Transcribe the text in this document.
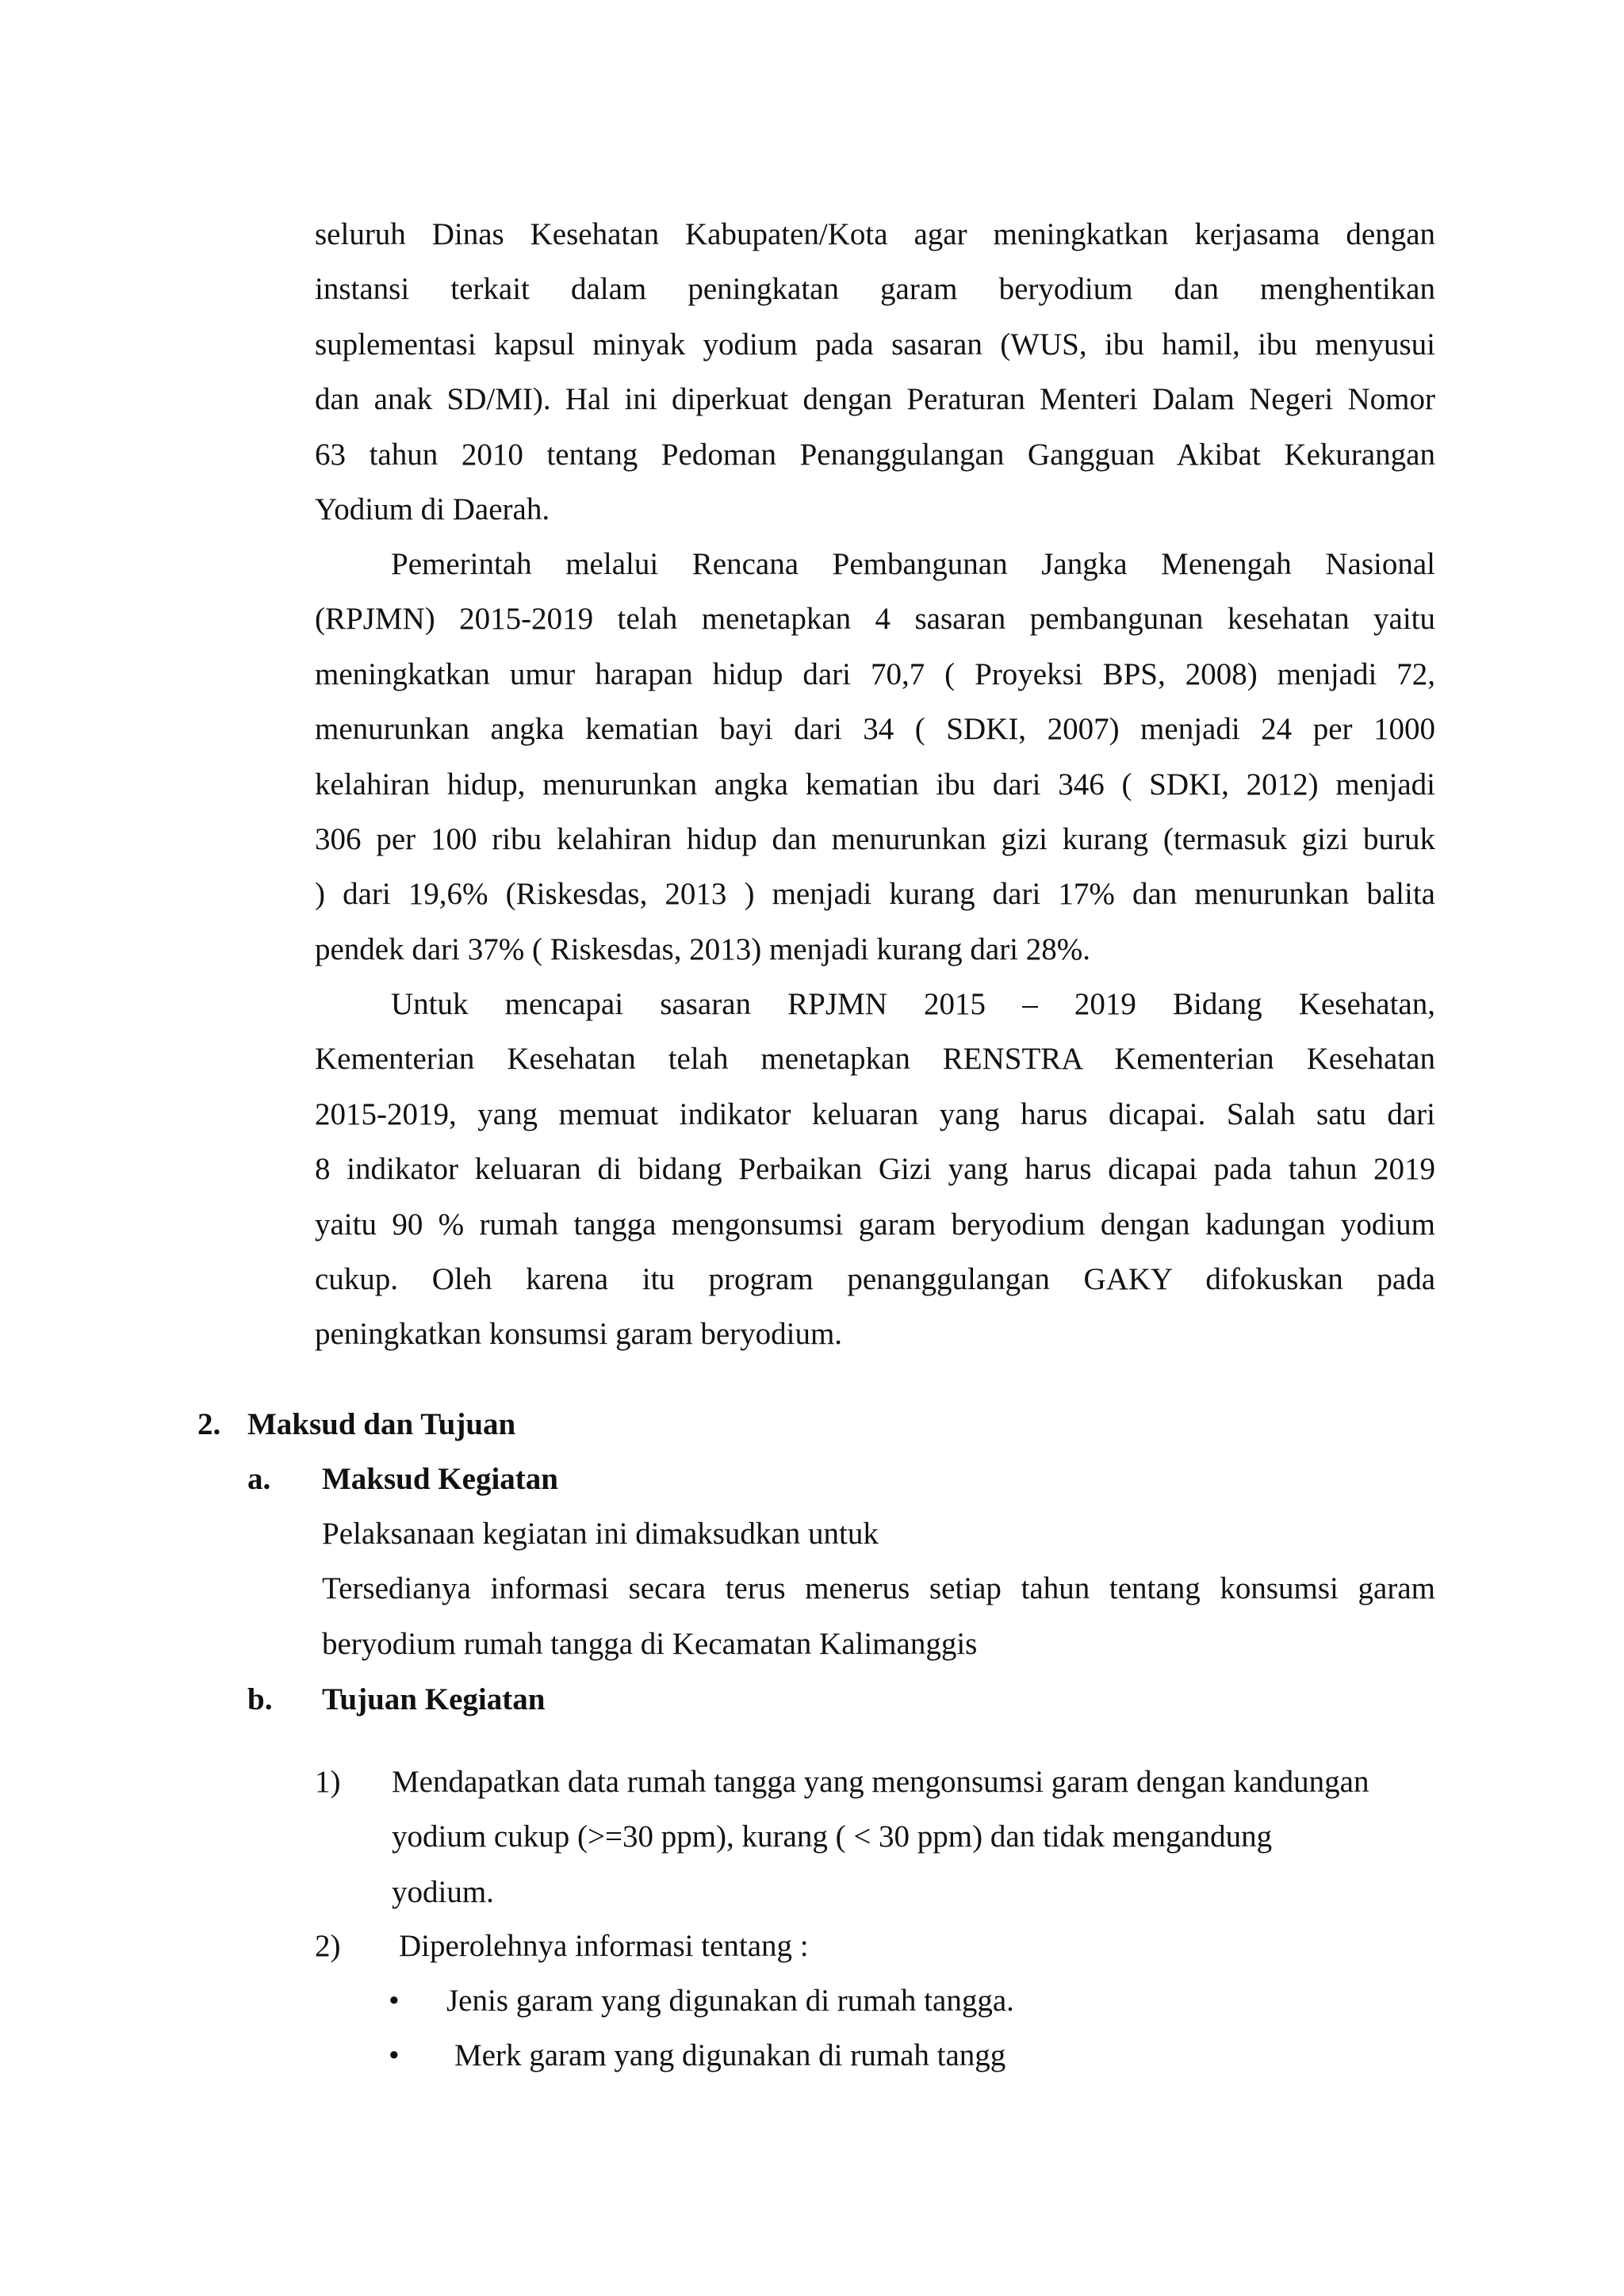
seluruh Dinas Kesehatan Kabupaten/Kota agar meningkatkan kerjasama dengan
instansi terkait dalam peningkatan garam beryodium dan menghentikan
suplementasi kapsul minyak yodium pada sasaran (WUS, ibu hamil, ibu menyusui
dan anak SD/MI). Hal ini diperkuat dengan Peraturan Menteri Dalam Negeri Nomor
63 tahun 2010 tentang Pedoman Penanggulangan Gangguan Akibat Kekurangan
Yodium di Daerah.
Pemerintah melalui Rencana Pembangunan Jangka Menengah Nasional
(RPJMN) 2015-2019 telah menetapkan 4 sasaran pembangunan kesehatan yaitu
meningkatkan umur harapan hidup dari 70,7 ( Proyeksi BPS, 2008) menjadi 72,
menurunkan angka kematian bayi dari 34 ( SDKI, 2007) menjadi 24 per 1000
kelahiran hidup, menurunkan angka kematian ibu dari 346 ( SDKI, 2012) menjadi
306 per 100 ribu kelahiran hidup dan menurunkan gizi kurang (termasuk gizi buruk
) dari 19,6% (Riskesdas, 2013 ) menjadi kurang dari 17% dan menurunkan balita
pendek dari 37% ( Riskesdas, 2013) menjadi kurang dari 28%.
Untuk mencapai sasaran RPJMN 2015 – 2019 Bidang Kesehatan,
Kementerian Kesehatan telah menetapkan RENSTRA Kementerian Kesehatan
2015-2019, yang memuat indikator keluaran yang harus dicapai. Salah satu dari
8 indikator keluaran di bidang Perbaikan Gizi yang harus dicapai pada tahun 2019
yaitu 90 % rumah tangga mengonsumsi garam beryodium dengan kadungan yodium
cukup. Oleh karena itu program penanggulangan GAKY difokuskan pada
peningkatkan konsumsi garam beryodium.
2. Maksud dan Tujuan
a. Maksud Kegiatan
Pelaksanaan kegiatan ini dimaksudkan untuk
Tersedianya informasi secara terus menerus setiap tahun tentang konsumsi garam
beryodium rumah tangga di Kecamatan Kalimanggis
b. Tujuan Kegiatan
1) Mendapatkan data rumah tangga yang mengonsumsi garam dengan kandungan
yodium cukup (>=30 ppm), kurang ( < 30 ppm) dan tidak mengandung
yodium.
2) Diperolehnya informasi tentang :
• Jenis garam yang digunakan di rumah tangga.
• Merk garam yang digunakan di rumah tangg
